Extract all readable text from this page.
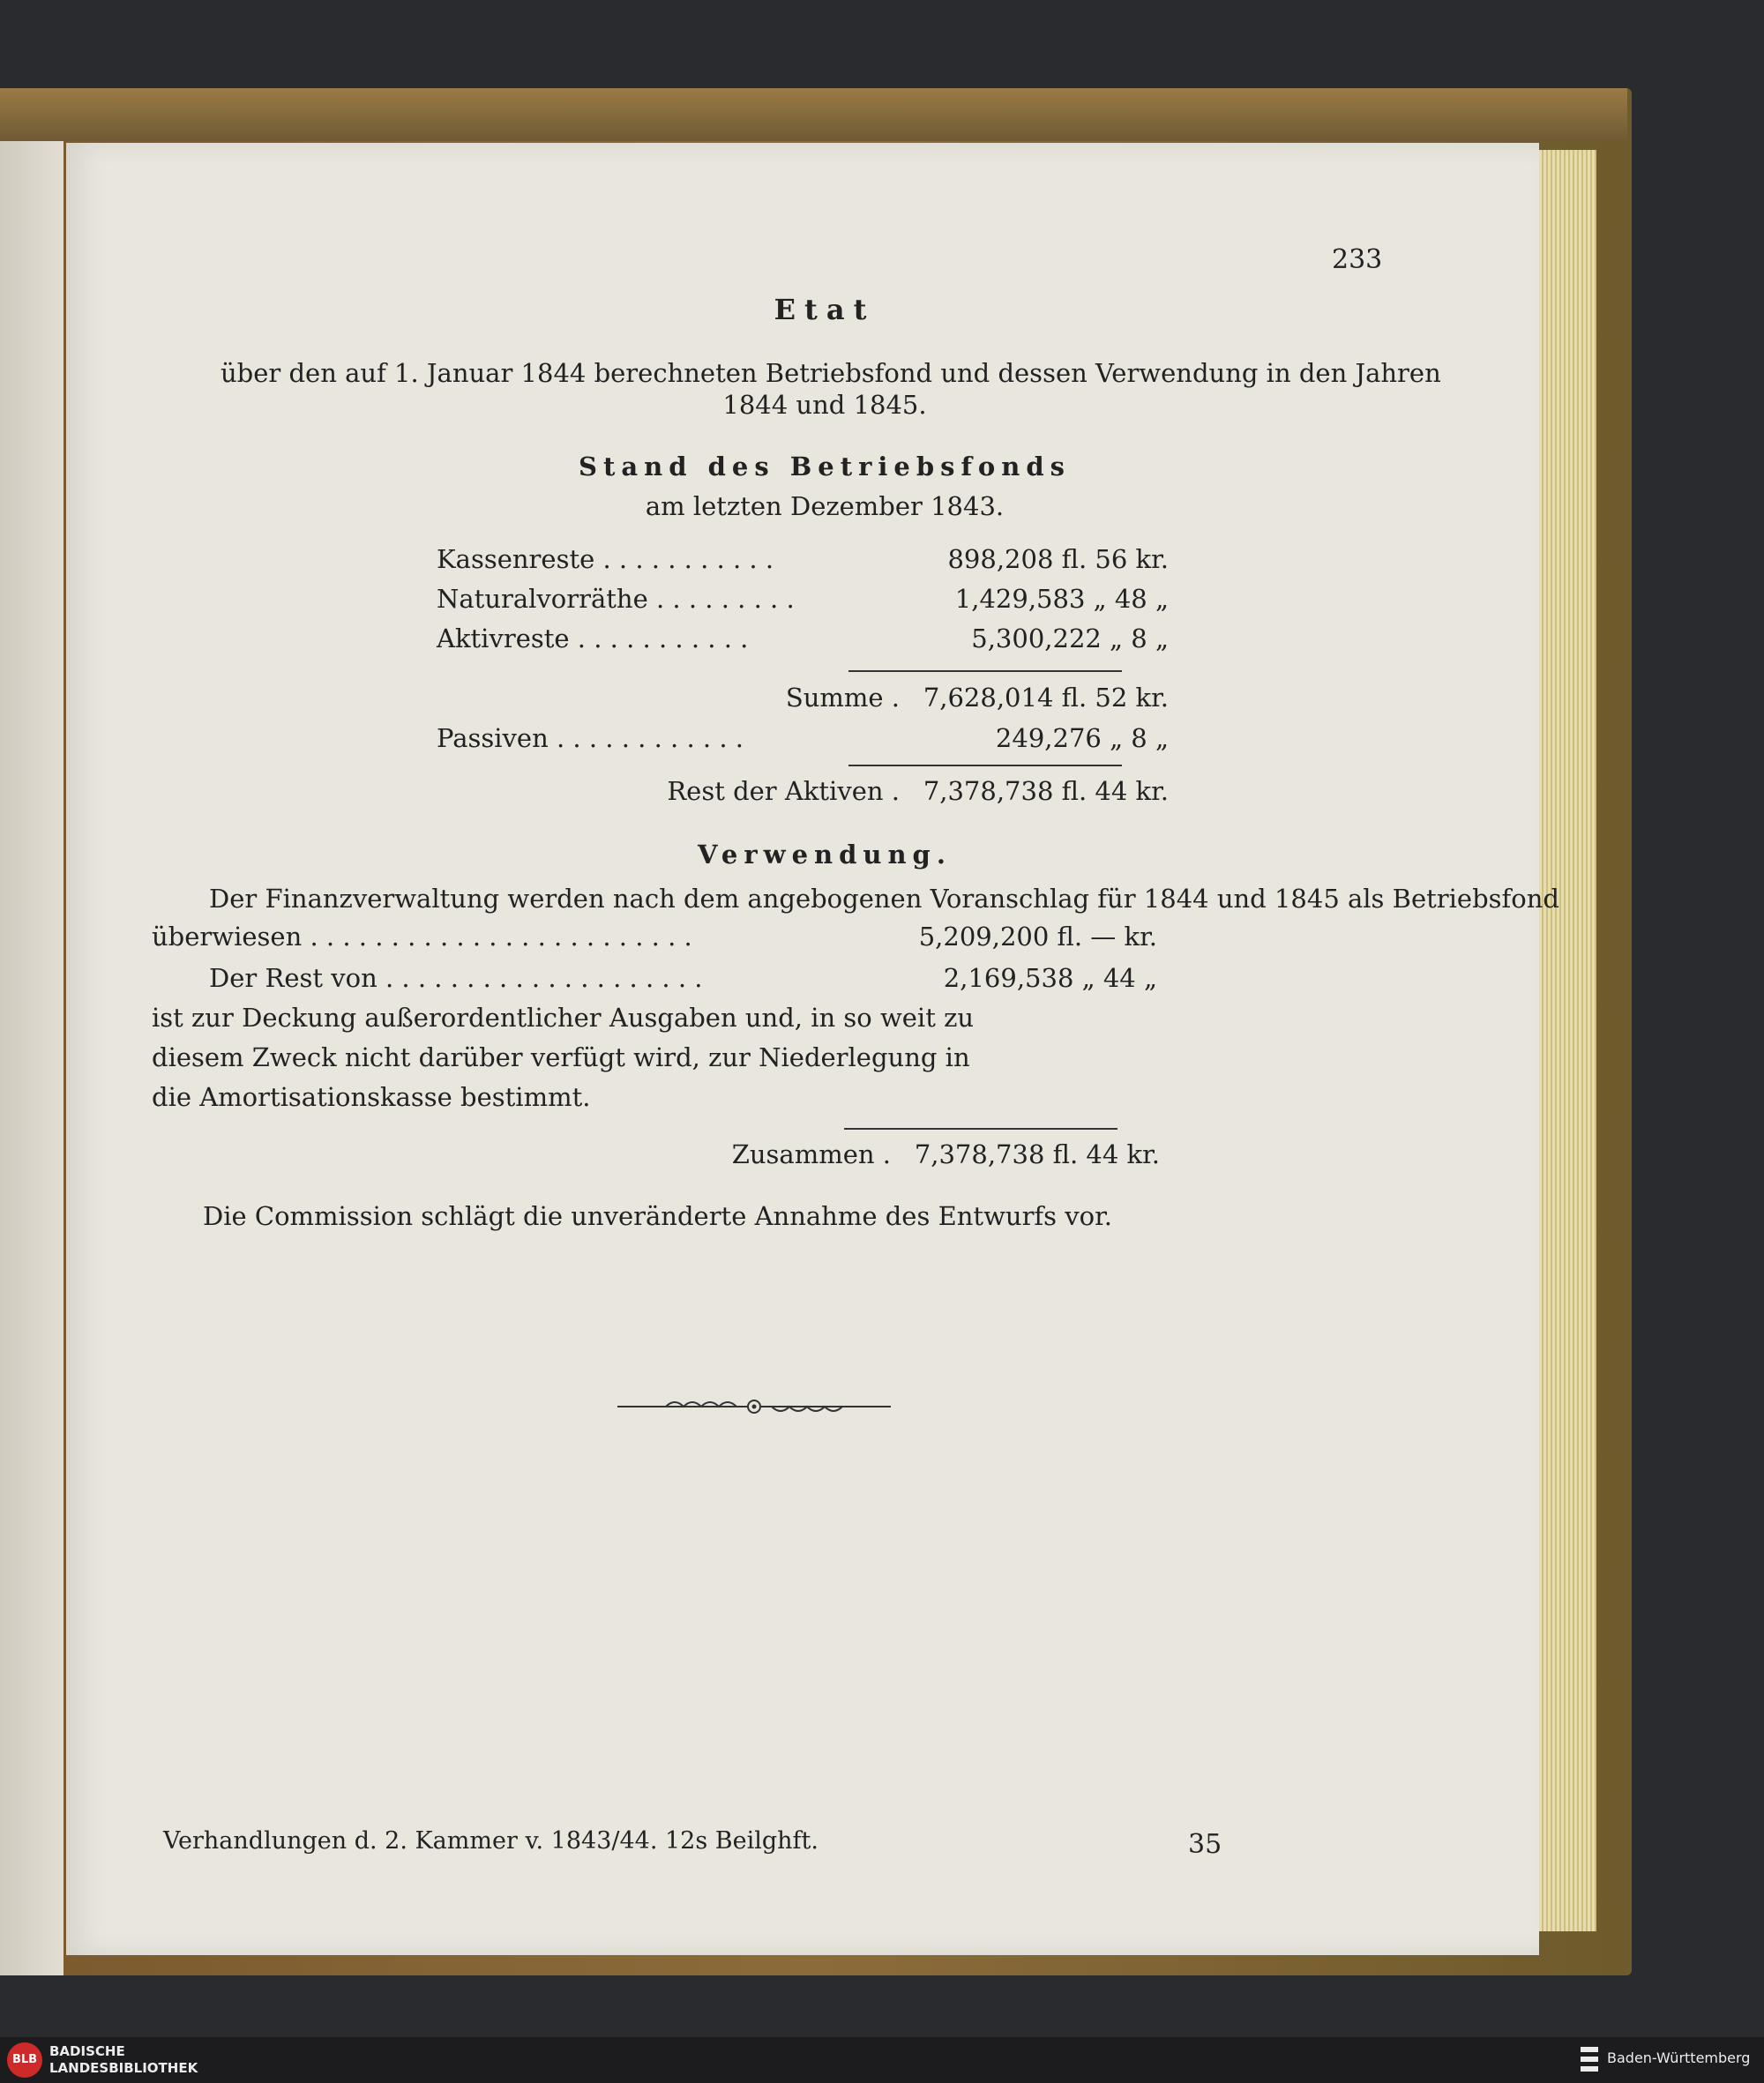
233
Etat
über den auf 1. Januar 1844 berechneten Betriebsfond und dessen Verwendung in den Jahren
1844 und 1845.
Stand des Betriebsfonds
am letzten Dezember 1843.
Kassenreste . . . . . . . . . . .	898,208 fl. 56 kr.
Naturalvorräthe . . . . . . . . .	1,429,583 „ 48 „
Aktivreste . . . . . . . . . . .	5,300,222 „ 8 „
Summe . 7,628,014 fl. 52 kr.
Passiven . . . . . . . . . . . .	249,276 „ 8 „
Rest der Aktiven . 7,378,738 fl. 44 kr.
Verwendung.
Der Finanzverwaltung werden nach dem angebogenen Voranschlag für 1844 und 1845 als Betriebsfond
überwiesen . . . . . . . . . . . . . . . . . . . . . . . .	5,209,200 fl. — kr.
Der Rest von . . . . . . . . . . . . . . . . . . . .	2,169,538 „ 44 „
ist zur Deckung außerordentlicher Ausgaben und, in so weit zu
diesem Zweck nicht darüber verfügt wird, zur Niederlegung in
die Amortisationskasse bestimmt.
Zusammen . 7,378,738 fl. 44 kr.
Die Commission schlägt die unveränderte Annahme des Entwurfs vor.
Verhandlungen d. 2. Kammer v. 1843/44. 12s Beilghft.	35
BLB
BADISCHE
LANDESBIBLIOTHEK
Baden-Württemberg
